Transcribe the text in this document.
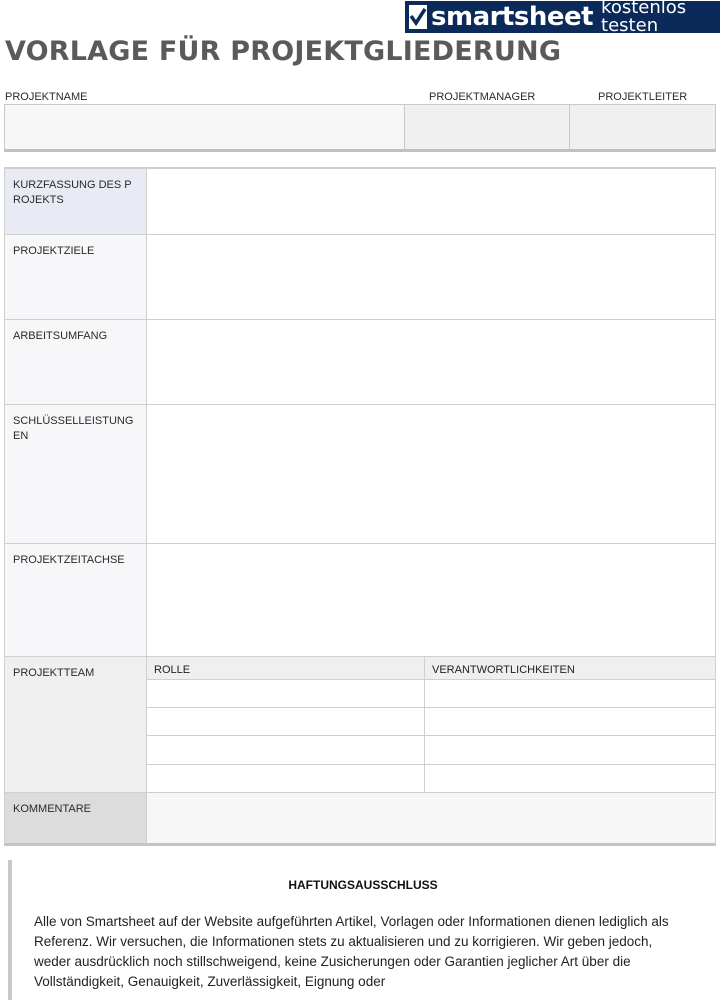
smartsheet kostenlos testen
VORLAGE FÜR PROJEKTGLIEDERUNG
PROJEKTNAME	PROJEKTMANAGER	PROJEKTLEITER
KURZFASSUNG DES PROJEKTS
PROJEKTZIELE
ARBEITSUMFANG
SCHLÜSSELLEISTUNGEN
PROJEKTZEITACHSE
PROJEKTTEAM	ROLLE	VERANTWORTLICHKEITEN
KOMMENTARE
HAFTUNGSAUSSCHLUSS
Alle von Smartsheet auf der Website aufgeführten Artikel, Vorlagen oder Informationen dienen lediglich als Referenz. Wir versuchen, die Informationen stets zu aktualisieren und zu korrigieren. Wir geben jedoch, weder ausdrücklich noch stillschweigend, keine Zusicherungen oder Garantien jeglicher Art über die Vollständigkeit, Genauigkeit, Zuverlässigkeit, Eignung oder
